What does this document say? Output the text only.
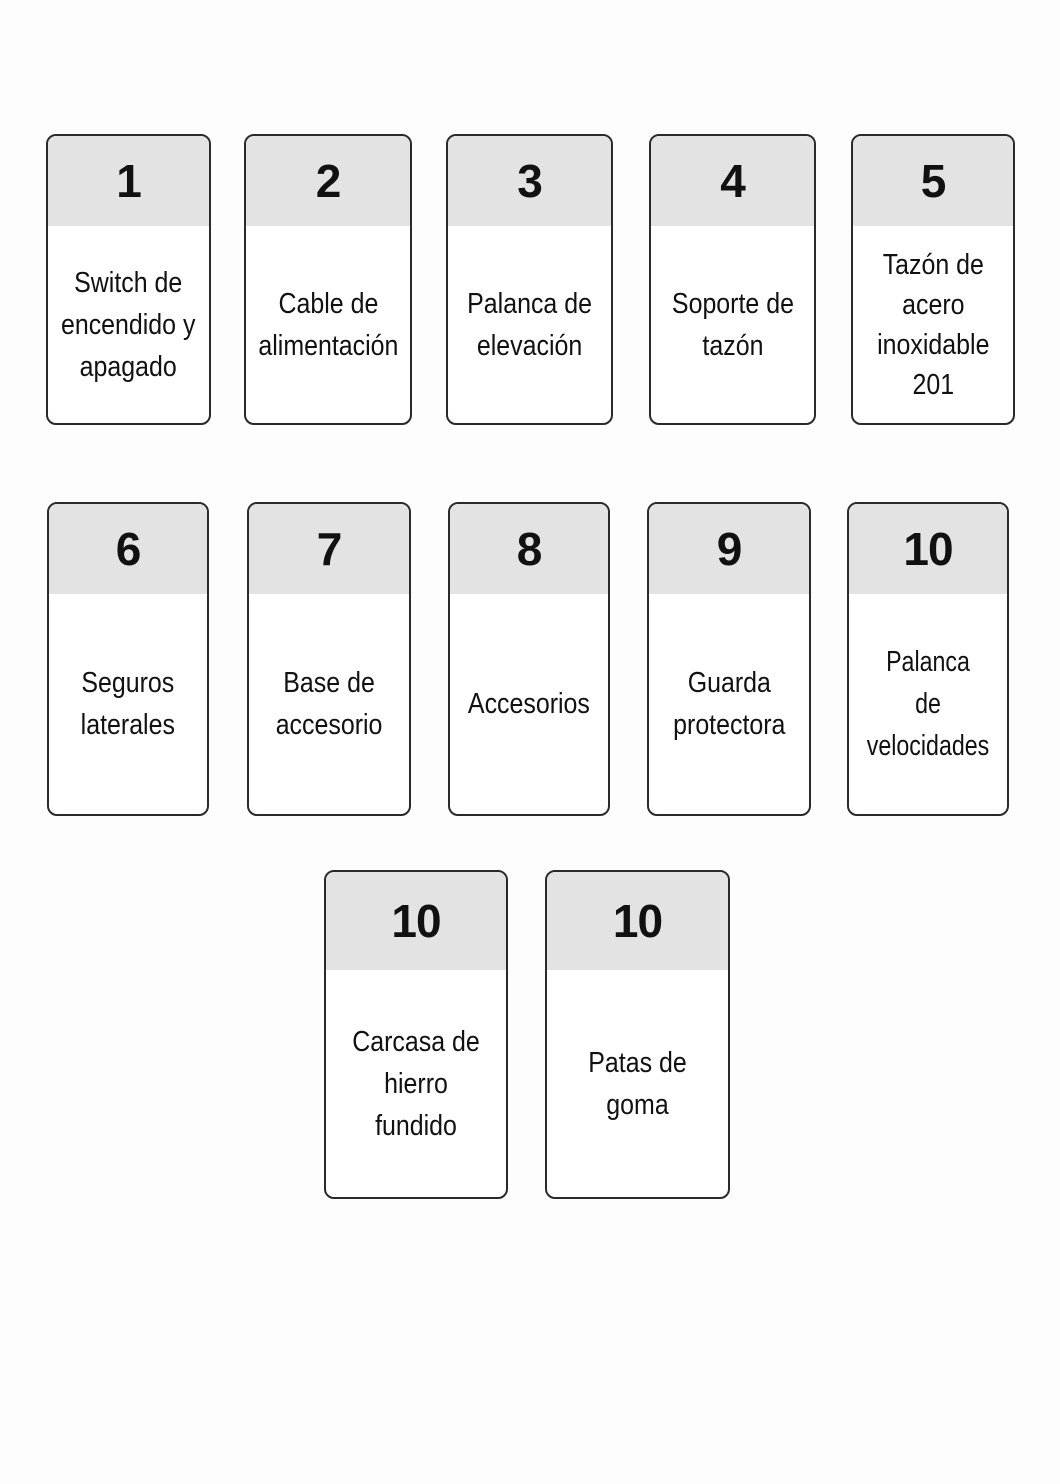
1
Switch de
encendido y
apagado
2
Cable de
alimentación
3
Palanca de
elevación
4
Soporte de
tazón
5
Tazón de
acero
inoxidable
201
6
Seguros
laterales
7
Base de
accesorio
8
Accesorios
9
Guarda
protectora
10
Palanca
de velocidades
10
Carcasa de
hierro fundido
10
Patas de goma
